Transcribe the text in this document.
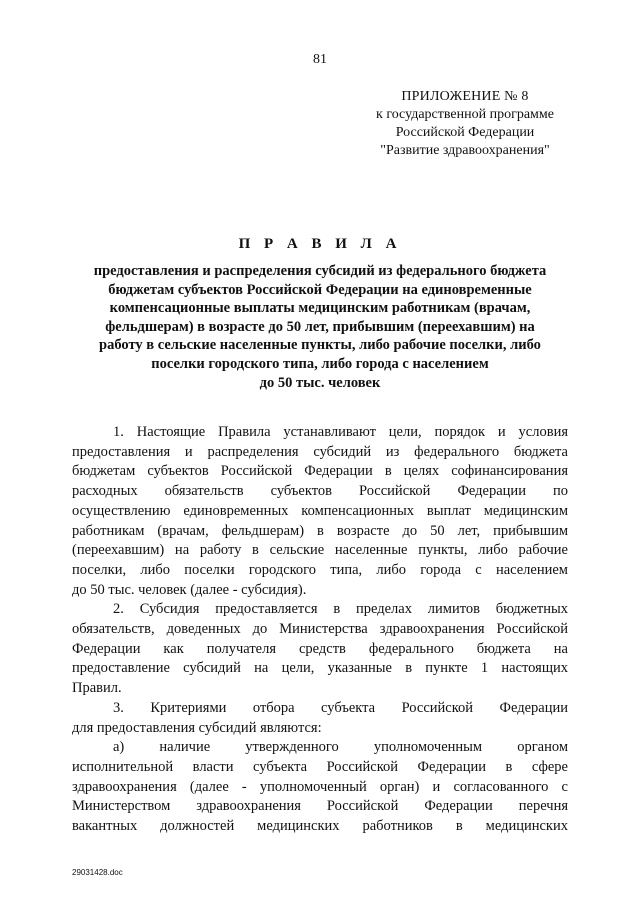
81
ПРИЛОЖЕНИЕ № 8
к государственной программе
Российской Федерации
"Развитие здравоохранения"
П Р А В И Л А
предоставления и распределения субсидий из федерального бюджета
бюджетам субъектов Российской Федерации на единовременные
компенсационные выплаты медицинским работникам (врачам,
фельдшерам) в возрасте до 50 лет, прибывшим (переехавшим) на
работу в сельские населенные пункты, либо рабочие поселки, либо
поселки городского типа, либо города с населением
до 50 тыс. человек
1. Настоящие Правила устанавливают цели, порядок и условия
предоставления и распределения субсидий из федерального бюджета
бюджетам субъектов Российской Федерации в целях софинансирования
расходных обязательств субъектов Российской Федерации по
осуществлению единовременных компенсационных выплат медицинским
работникам (врачам, фельдшерам) в возрасте до 50 лет, прибывшим
(переехавшим) на работу в сельские населенные пункты, либо рабочие
поселки, либо поселки городского типа, либо города с населением
до 50 тыс. человек (далее - субсидия).
2. Субсидия предоставляется в пределах лимитов бюджетных
обязательств, доведенных до Министерства здравоохранения Российской
Федерации как получателя средств федерального бюджета на
предоставление субсидий на цели, указанные в пункте 1 настоящих
Правил.
3. Критериями отбора субъекта Российской Федерации
для предоставления субсидий являются:
а) наличие утвержденного уполномоченным органом
исполнительной власти субъекта Российской Федерации в сфере
здравоохранения (далее - уполномоченный орган) и согласованного с
Министерством здравоохранения Российской Федерации перечня
вакантных должностей медицинских работников в медицинских
29031428.doc
